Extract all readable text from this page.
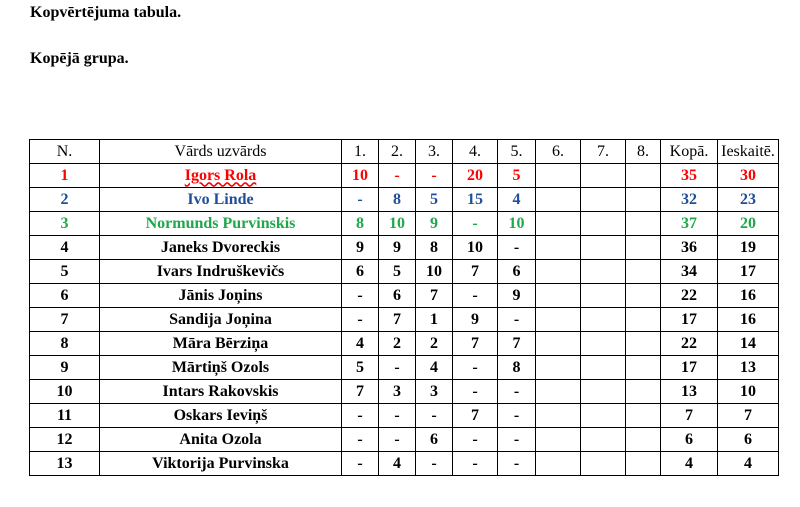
Kopvērtējuma tabula.
Kopējā grupa.
N.	Vārds uzvārds	1.	2.	3.	4.	5.	6.	7.	8.	Kopā.	Ieskaitē.
1	Igors Rola	10	-	-	20	5				35	30
2	Ivo Linde	-	8	5	15	4				32	23
3	Normunds Purvinskis	8	10	9	-	10				37	20
4	Janeks Dvoreckis	9	9	8	10	-				36	19
5	Ivars Indruškevičs	6	5	10	7	6				34	17
6	Jānis Joņins	-	6	7	-	9				22	16
7	Sandija Joņina	-	7	1	9	-				17	16
8	Māra Bērziņa	4	2	2	7	7				22	14
9	Mārtiņš Ozols	5	-	4	-	8				17	13
10	Intars Rakovskis	7	3	3	-	-				13	10
11	Oskars Ieviņš	-	-	-	7	-				7	7
12	Anita Ozola	-	-	6	-	-				6	6
13	Viktorija Purvinska	-	4	-	-	-				4	4
